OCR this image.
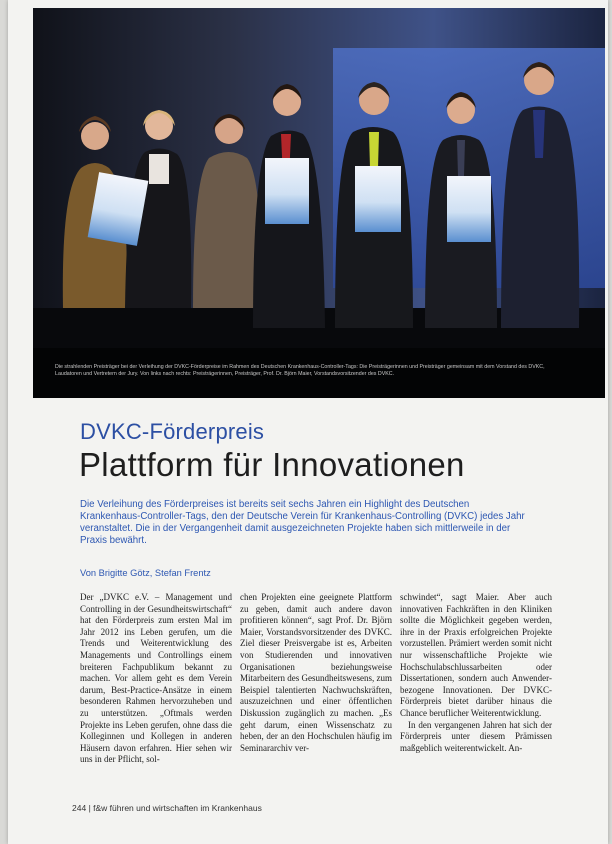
Die strahlenden Preisträger bei der Verleihung der DVKC-Förderpreise im Rahmen des Deutschen Krankenhaus-Controller-Tags: Die Preisträgerinnen und Preisträger gemeinsam mit dem Vorstand des DVKC, Laudatoren und Vertretern der Jury. Von links nach rechts: Preisträgerinnen, Preisträger, Prof. Dr. Björn Maier, Vorstandsvorsitzender des DVKC.
DVKC-Förderpreis
Plattform für Innovationen
Die Verleihung des Förderpreises ist bereits seit sechs Jahren ein Highlight des Deutschen Krankenhaus-Controller-Tags, den der Deutsche Verein für Krankenhaus-Controlling (DVKC) jedes Jahr veranstaltet. Die in der Vergangenheit damit ausgezeichneten Projekte haben sich mittlerweile in der Praxis bewährt.
Von Brigitte Götz, Stefan Frentz
Der „DVKC e.V. – Management und Controlling in der Gesundheitswirtschaft“ hat den Förderpreis zum ersten Mal im Jahr 2012 ins Leben gerufen, um die Trends und Weiterentwicklung des Managements und Controllings einem breiteren Fachpublikum bekannt zu machen. Vor allem geht es dem Verein darum, Best-Practice-Ansätze in einem besonderen Rahmen hervorzuheben und zu unterstützen. „Oftmals werden Projekte ins Leben gerufen, ohne dass die Kolleginnen und Kollegen in anderen Häusern davon erfahren. Hier sehen wir uns in der Pflicht, sol-
chen Projekten eine geeignete Plattform zu geben, damit auch andere davon profitieren können“, sagt Prof. Dr. Björn Maier, Vorstandsvorsitzender des DVKC. Ziel dieser Preisvergabe ist es, Arbeiten von Studierenden und innovativen Organisationen beziehungsweise Mitarbeitern des Gesundheitswesens, zum Beispiel talentierten Nachwuchskräften, auszuzeichnen und einer öffentlichen Diskussion zugänglich zu machen. „Es geht darum, einen Wissenschatz zu heben, der an den Hochschulen häufig im Seminararchiv ver-
schwindet“, sagt Maier. Aber auch innovativen Fachkräften in den Kliniken sollte die Möglichkeit gegeben werden, ihre in der Praxis erfolgreichen Projekte vorzustellen. Prämiert werden somit nicht nur wissenschaftliche Projekte wie Hochschulabschlussarbeiten oder Dissertationen, sondern auch Anwender-bezogene Innovationen. Der DVKC-Förderpreis bietet darüber hinaus die Chance beruflicher Weiterentwicklung.
In den vergangenen Jahren hat sich der Förderpreis unter diesem Prämissen maßgeblich weiterentwickelt. An-
244 | f&w führen und wirtschaften im Krankenhaus
